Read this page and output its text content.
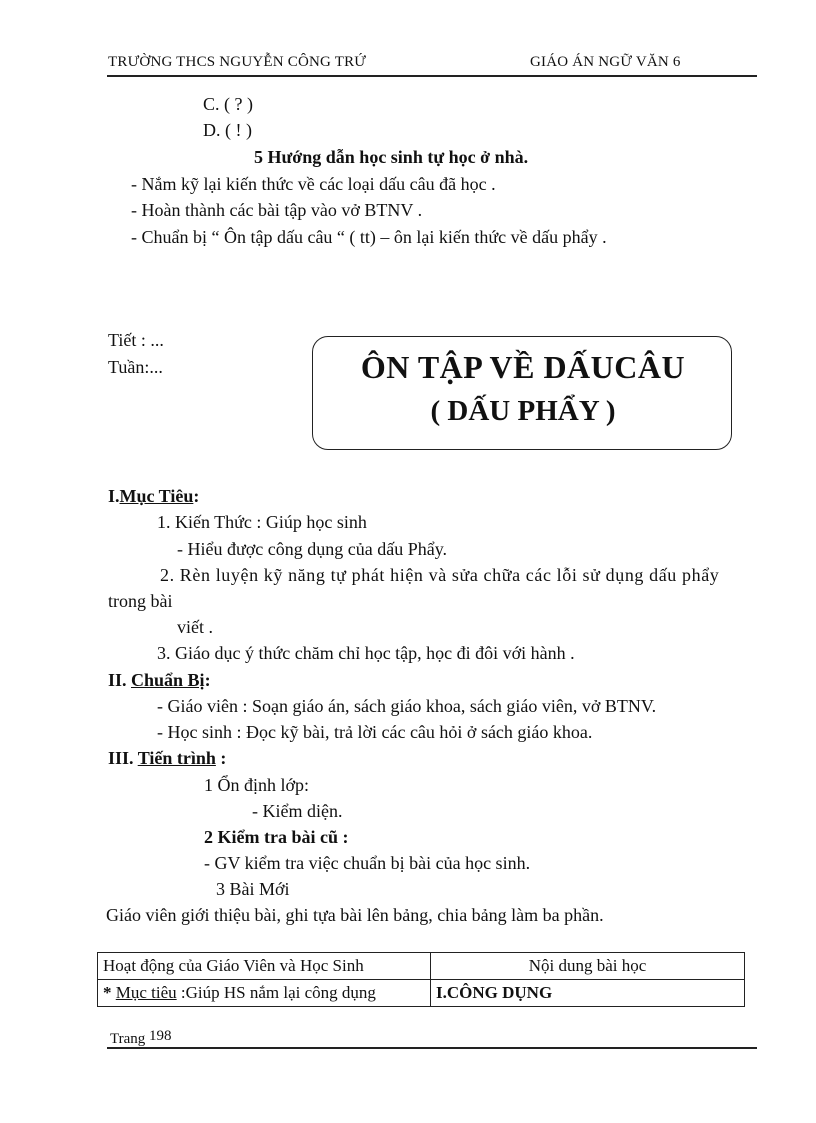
TRƯỜNG THCS NGUYỄN CÔNG TRỨ	GIÁO ÁN NGỮ VĂN 6
C. ( ? )
D. ( ! )
5 Hướng dẫn học sinh tự học ở nhà.
- Nắm kỹ lại kiến thức về các loại dấu câu đã học .
- Hoàn thành các bài tập vào vở BTNV .
- Chuẩn bị “ Ôn tập dấu câu “ ( tt) – ôn lại kiến thức về dấu phẩy .
Tiết : ...
Tuần:...	ÔN TẬP VỀ DẤUCÂU
( DẤU PHẨY )
I.Mục Tiêu:
1. Kiến Thức : Giúp học sinh
- Hiểu được công dụng của dấu Phẩy.
2. Rèn luyện kỹ năng tự phát hiện và sửa chữa các lỗi sử dụng dấu phẩy
trong bài
viết .
3. Giáo dục ý thức chăm chỉ học tập, học đi đôi với hành .
II. Chuẩn Bị:
- Giáo viên : Soạn giáo án, sách giáo khoa, sách giáo viên, vở BTNV.
- Học sinh : Đọc kỹ bài, trả lời các câu hỏi ở sách giáo khoa.
III. Tiến trình :
1 Ổn định lớp:
- Kiểm diện.
2 Kiểm tra bài cũ :
- GV kiểm tra việc chuẩn bị bài của học sinh.
3 Bài Mới
Giáo viên giới thiệu bài, ghi tựa bài lên bảng, chia bảng làm ba phần.
Hoạt động của Giáo Viên và Học Sinh	Nội dung bài học
* Mục tiêu :Giúp HS nắm lại công dụng	I.CÔNG DỤNG
Trang 198
